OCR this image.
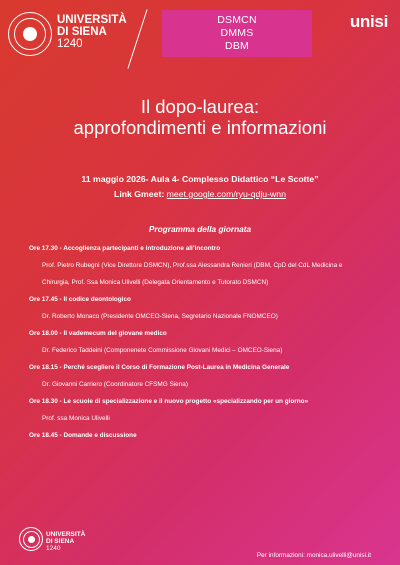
UNIVERSITÀ
DI SIENA
1240
DSMCN
DMMS
DBM
unisi
Il dopo-laurea:
approfondimenti e informazioni
11 maggio 2026- Aula 4- Complesso Didattico “Le Scotte”
Link Gmeet: meet.google.com/ryu-qdju-wnn
Programma della giornata
Ore 17.30 - Accoglienza partecipanti e introduzione all’incontro
Prof. Pietro Rubegni (Vice Direttore DSMCN), Prof.ssa Alessandra Renieri (DBM, CpD del CdL Medicina e
Chirurgia, Prof. Ssa Monica Ulivelli (Delegata Orientamento e Tutorato DSMCN)
Ore 17.45 - Il codice deontologico
Dr. Roberto Monaco (Presidente OMCEO-Siena, Segretario Nazionale FNOMCEO)
Ore 18.00 - Il vademecum del giovane medico
Dr. Federico Taddeini (Componenete Commissione Giovani Medici – OMCEO-Siena)
Ore 18.15 - Perché scegliere il Corso di Formazione Post-Laurea in Medicina Generale
Dr. Giovanni Carriero (Coordinatore CFSMG Siena)
Ore 18.30 - Le scuole di specializzazione e il nuovo progetto «specializzando per un giorno»
Prof. ssa Monica Ulivelli
Ore 18.45 - Domande e discussione
UNIVERSITÀ
DI SIENA
1240
Per informazioni: monica.ulivelli@unisi.it
